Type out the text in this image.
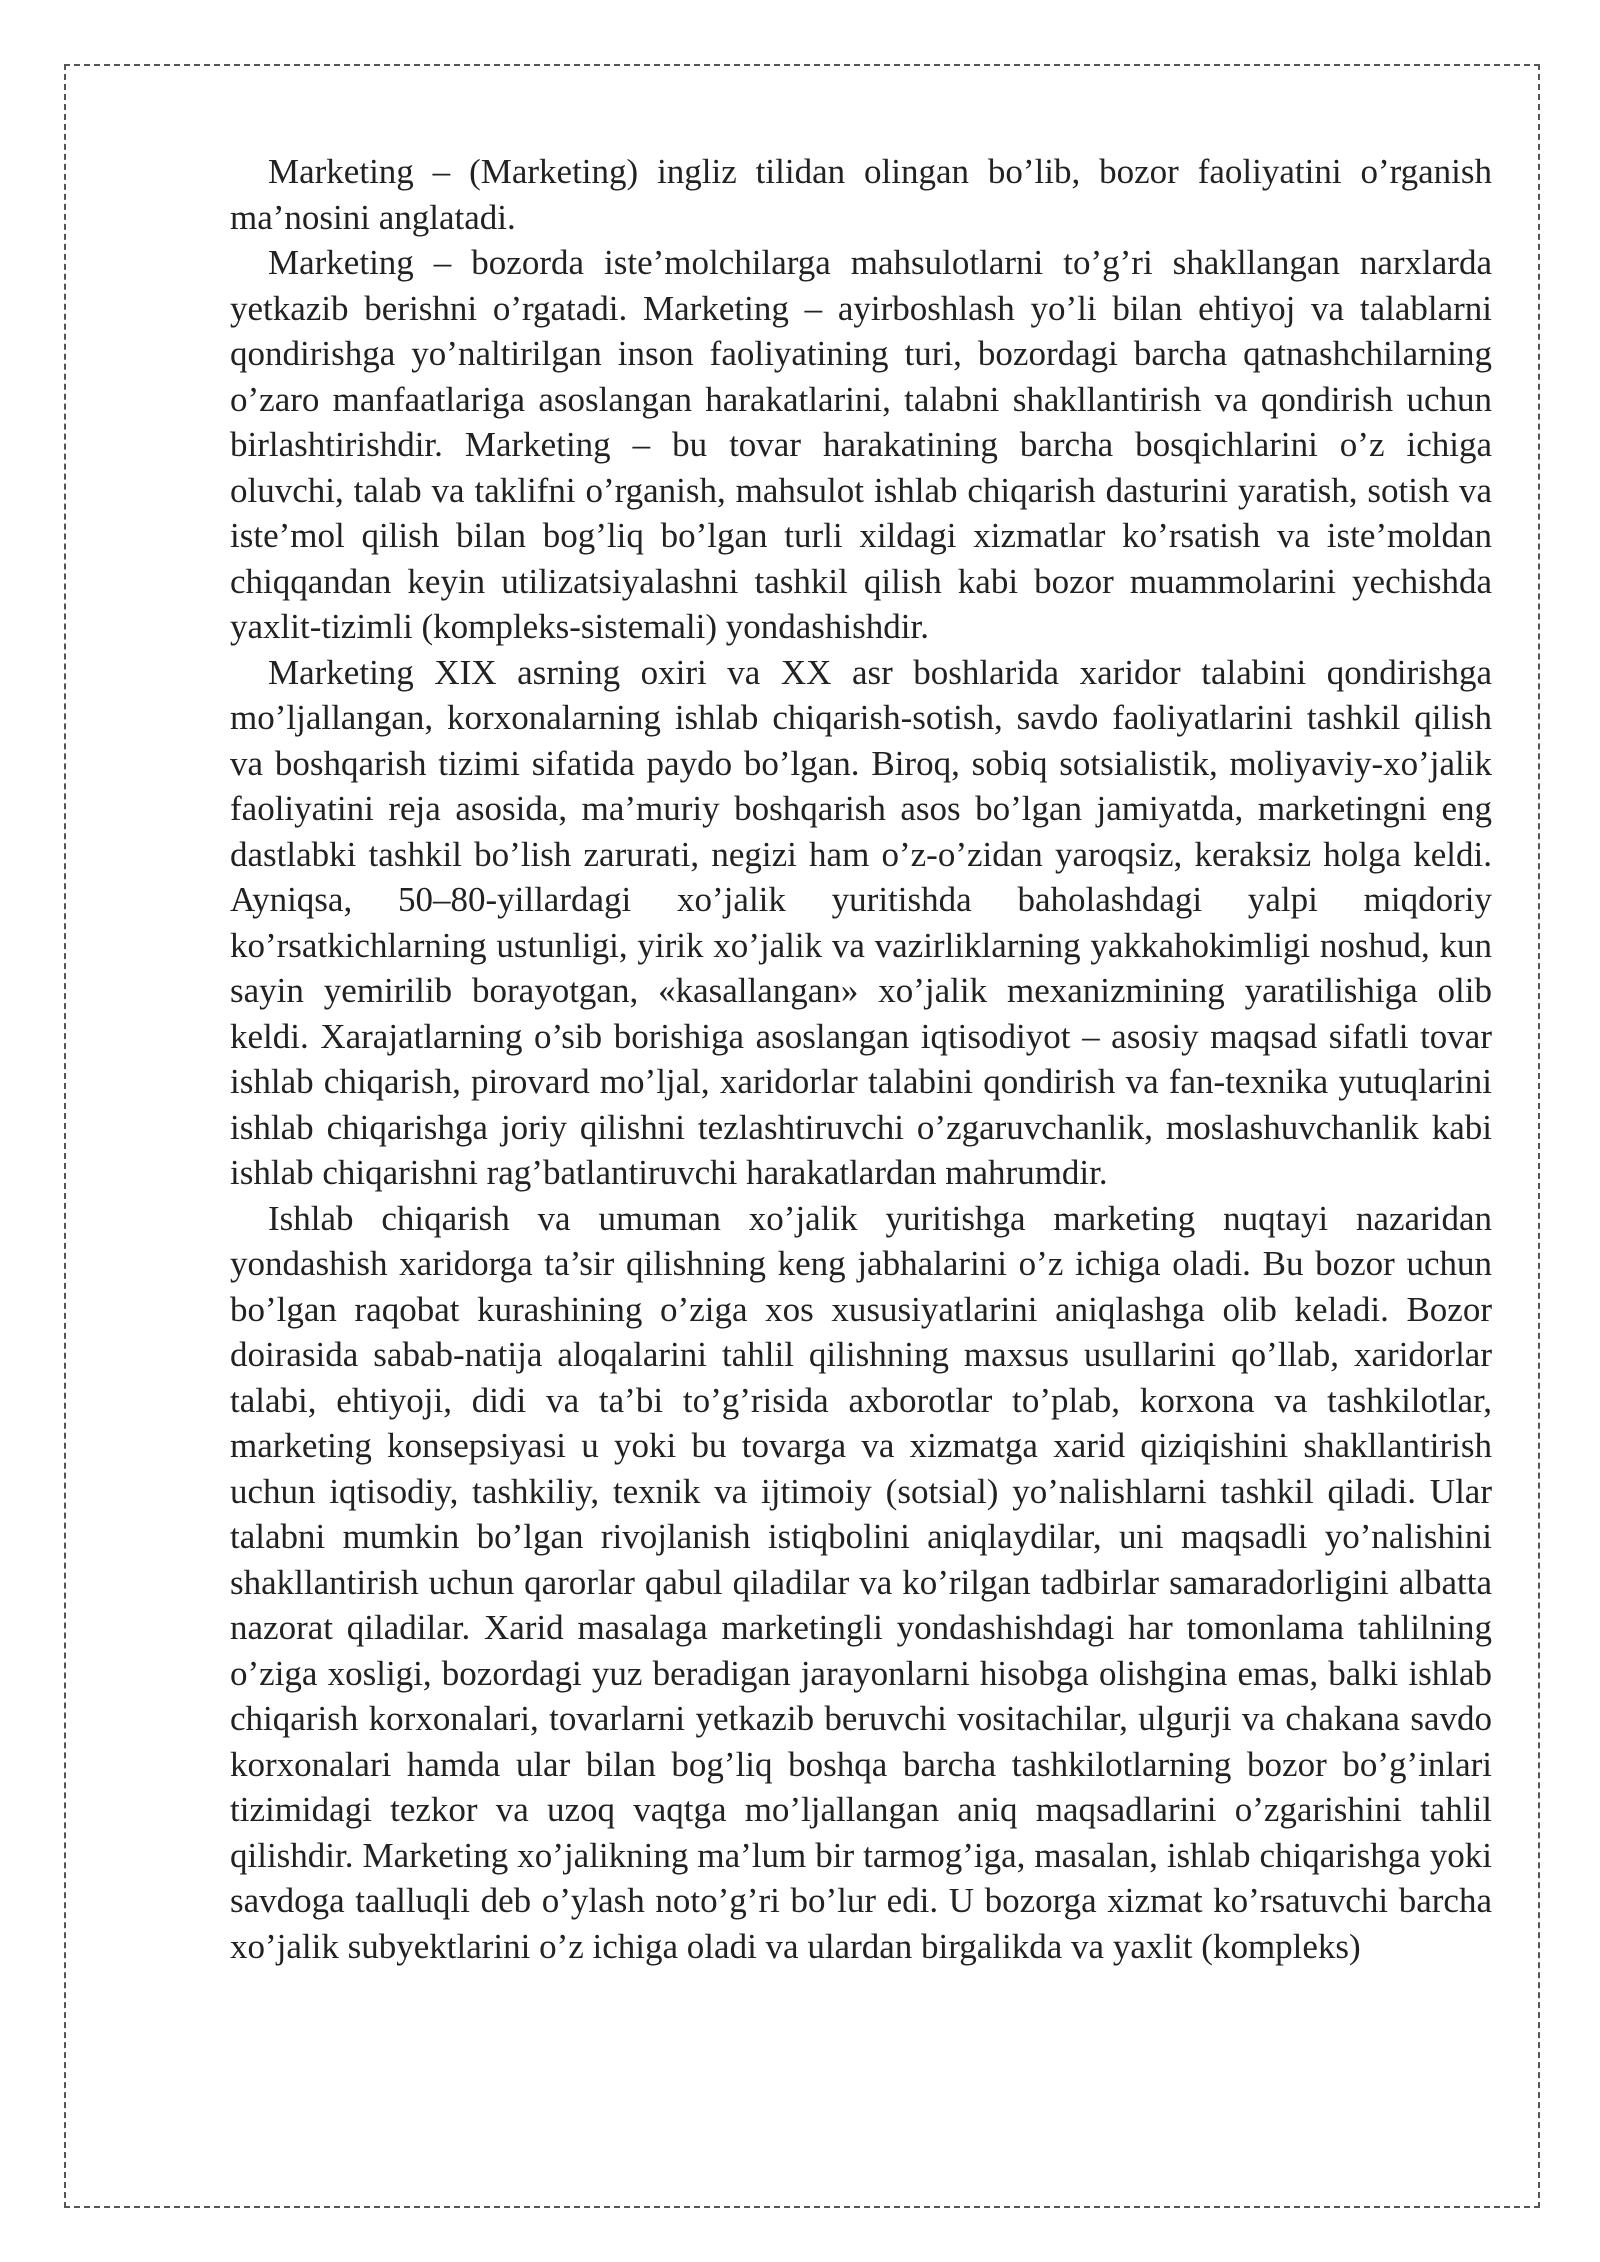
Marketing – (Marketing) ingliz tilidan olingan bo’lib, bozor faoliyatini o’rganish ma’nosini anglatadi.

Marketing – bozorda iste’molchilarga mahsulotlarni to’g’ri shakllangan narxlarda yetkazib berishni o’rgatadi. Marketing – ayirboshlash yo’li bilan ehtiyoj va talablarni qondirishga yo’naltirilgan inson faoliyatining turi, bozordagi barcha qatnashchilarning o’zaro manfaatlariga asoslangan harakatlarini, talabni shakllantirish va qondirish uchun birlashtirishdir. Marketing – bu tovar harakatining barcha bosqichlarini o’z ichiga oluvchi, talab va taklifni o’rganish, mahsulot ishlab chiqarish dasturini yaratish, sotish va iste’mol qilish bilan bog’liq bo’lgan turli xildagi xizmatlar ko’rsatish va iste’moldan chiqqandan keyin utilizatsiyalashni tashkil qilish kabi bozor muammolarini yechishda yaxlit-tizimli (kompleks-sistemali) yondashishdir.

Marketing XIX asrning oxiri va XX asr boshlarida xaridor talabini qondirishga mo’ljallangan, korxonalarning ishlab chiqarish-sotish, savdo faoliyatlarini tashkil qilish va boshqarish tizimi sifatida paydo bo’lgan. Biroq, sobiq sotsialistik, moliyaviy-xo’jalik faoliyatini reja asosida, ma’muriy boshqarish asos bo’lgan jamiyatda, marketingni eng dastlabki tashkil bo’lish zarurati, negizi ham o’z-o’zidan yaroqsiz, keraksiz holga keldi. Ayniqsa, 50–80-yillardagi xo’jalik yuritishda baholashdagi yalpi miqdoriy ko’rsatkichlarning ustunligi, yirik xo’jalik va vazirliklarning yakkahokimligi noshud, kun sayin yemirilib borayotgan, «kasallangan» xo’jalik mexanizmining yaratilishiga olib keldi. Xarajatlarning o’sib borishiga asoslangan iqtisodiyot – asosiy maqsad sifatli tovar ishlab chiqarish, pirovard mo’ljal, xaridorlar talabini qondirish va fan-texnika yutuqlarini ishlab chiqarishga joriy qilishni tezlashtiruvchi o’zgaruvchanlik, moslashuvchanlik kabi ishlab chiqarishni rag’batlantiruvchi harakatlardan mahrumdir.

Ishlab chiqarish va umuman xo’jalik yuritishga marketing nuqtayi nazaridan yondashish xaridorga ta’sir qilishning keng jabhalarini o’z ichiga oladi. Bu bozor uchun bo’lgan raqobat kurashining o’ziga xos xususiyatlarini aniqlashga olib keladi. Bozor doirasida sabab-natija aloqalarini tahlil qilishning maxsus usullarini qo’llab, xaridorlar talabi, ehtiyoji, didi va ta’bi to’g’risida axborotlar to’plab, korxona va tashkilotlar, marketing konsepsiyasi u yoki bu tovarga va xizmatga xarid qiziqishini shakllantirish uchun iqtisodiy, tashkiliy, texnik va ijtimoiy (sotsial) yo’nalishlarni tashkil qiladi. Ular talabni mumkin bo’lgan rivojlanish istiqbolini aniqlaydilar, uni maqsadli yo’nalishini shakllantirish uchun qarorlar qabul qiladilar va ko’rilgan tadbirlar samaradorligini albatta nazorat qiladilar. Xarid masalaga marketingli yondashishdagi har tomonlama tahlilning o’ziga xosligi, bozordagi yuz beradigan jarayonlarni hisobga olishgina emas, balki ishlab chiqarish korxonalari, tovarlarni yetkazib beruvchi vositachilar, ulgurji va chakana savdo korxonalari hamda ular bilan bog’liq boshqa barcha tashkilotlarning bozor bo’g’inlari tizimidagi tezkor va uzoq vaqtga mo’ljallangan aniq maqsadlarini o’zgarishini tahlil qilishdir. Marketing xo’jalikning ma’lum bir tarmog’iga, masalan, ishlab chiqarishga yoki savdoga taalluqli deb o’ylash noto’g’ri bo’lur edi. U bozorga xizmat ko’rsatuvchi barcha xo’jalik subyektlarini o’z ichiga oladi va ulardan birgalikda va yaxlit (kompleks)
